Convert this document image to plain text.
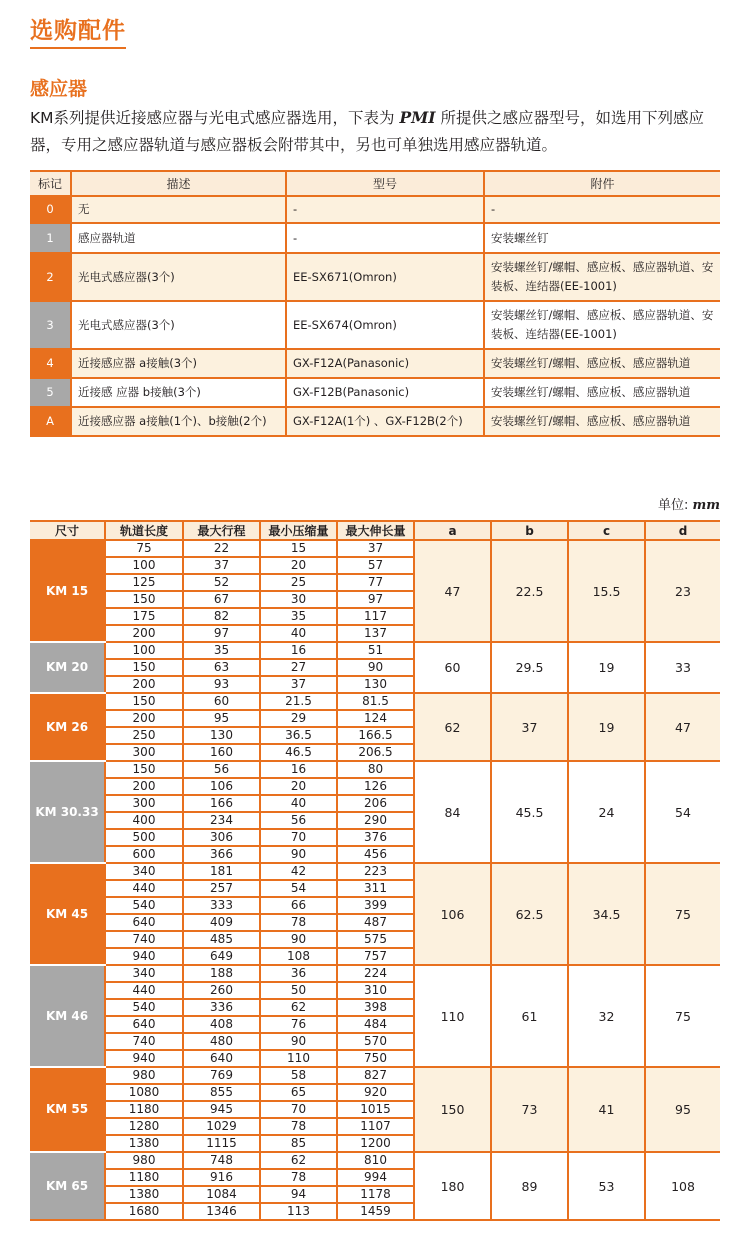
选购配件
感应器
KM系列提供近接感应器与光电式感应器选用，下表为 PMI 所提供之感应器型号，如选用下列感应器，专用之感应器轨道与感应器板会附带其中，另也可单独选用感应器轨道。
标记	描述	型号	附件
0	无	-	-
1	感应器轨道	-	安装螺丝钉
2	光电式感应器(3个)	EE-SX671(Omron)	安装螺丝钉/螺帽、感应板、感应器轨道、安装板、连结器(EE-1001)
3	光电式感应器(3个)	EE-SX674(Omron)	安装螺丝钉/螺帽、感应板、感应器轨道、安装板、连结器(EE-1001)
4	近接感应器 a接触(3个)	GX-F12A(Panasonic)	安装螺丝钉/螺帽、感应板、感应器轨道
5	近接感 应器 b接触(3个)	GX-F12B(Panasonic)	安装螺丝钉/螺帽、感应板、感应器轨道
A	近接感应器 a接触(1个)、b接触(2个)	GX-F12A(1个) 、GX-F12B(2个)	安装螺丝钉/螺帽、感应板、感应器轨道
单位: mm
尺寸	轨道长度	最大行程	最小压缩量	最大伸长量	a	b	c	d
KM 15	75	22	15	37	47	22.5	15.5	23
	100	37	20	57				
	125	52	25	77				
	150	67	30	97				
	175	82	35	117				
	200	97	40	137				
KM 20	100	35	16	51	60	29.5	19	33
	150	63	27	90				
	200	93	37	130				
KM 26	150	60	21.5	81.5	62	37	19	47
	200	95	29	124				
	250	130	36.5	166.5				
	300	160	46.5	206.5				
KM 30.33	150	56	16	80	84	45.5	24	54
	200	106	20	126				
	300	166	40	206				
	400	234	56	290				
	500	306	70	376				
	600	366	90	456				
KM 45	340	181	42	223	106	62.5	34.5	75
	440	257	54	311				
	540	333	66	399				
	640	409	78	487				
	740	485	90	575				
	940	649	108	757				
KM 46	340	188	36	224	110	61	32	75
	440	260	50	310				
	540	336	62	398				
	640	408	76	484				
	740	480	90	570				
	940	640	110	750				
KM 55	980	769	58	827	150	73	41	95
	1080	855	65	920				
	1180	945	70	1015				
	1280	1029	78	1107				
	1380	1115	85	1200				
KM 65	980	748	62	810	180	89	53	108
	1180	916	78	994				
	1380	1084	94	1178				
	1680	1346	113	1459				
